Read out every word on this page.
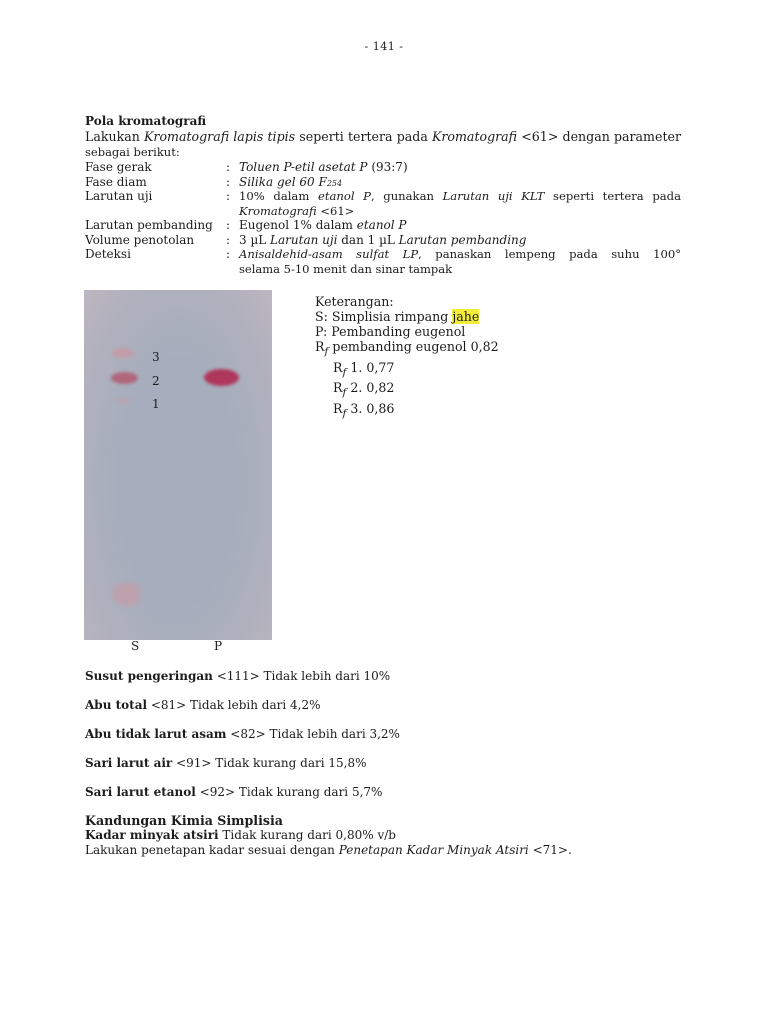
- 141 -
Pola kromatografi
Lakukan Kromatografi lapis tipis seperti tertera pada Kromatografi <61> dengan parameter
sebagai berikut:
Fase gerak	: Toluen P-etil asetat P (93:7)
Fase diam	: Silika gel 60 F254
Larutan uji	: 10% dalam etanol P, gunakan Larutan uji KLT seperti tertera pada
Kromatografi <61>
Larutan pembanding	: Eugenol 1% dalam etanol P
Volume penotolan	: 3 µL Larutan uji dan 1 µL Larutan pembanding
Deteksi	: Anisaldehid-asam sulfat LP, panaskan lempeng pada suhu 100°
selama 5-10 menit dan sinar tampak
3
2
1
S	P
Keterangan:
S: Simplisia rimpang jahe
P: Pembanding eugenol
$R_f$ pembanding eugenol 0,82
$R_f$ 1. 0,77
$R_f$ 2. 0,82
$R_f$ 3. 0,86
Susut pengeringan <111> Tidak lebih dari 10%
Abu total <81> Tidak lebih dari 4,2%
Abu tidak larut asam <82> Tidak lebih dari 3,2%
Sari larut air <91> Tidak kurang dari 15,8%
Sari larut etanol <92> Tidak kurang dari 5,7%
Kandungan Kimia Simplisia
Kadar minyak atsiri Tidak kurang dari 0,80% v/b
Lakukan penetapan kadar sesuai dengan Penetapan Kadar Minyak Atsiri <71>.
